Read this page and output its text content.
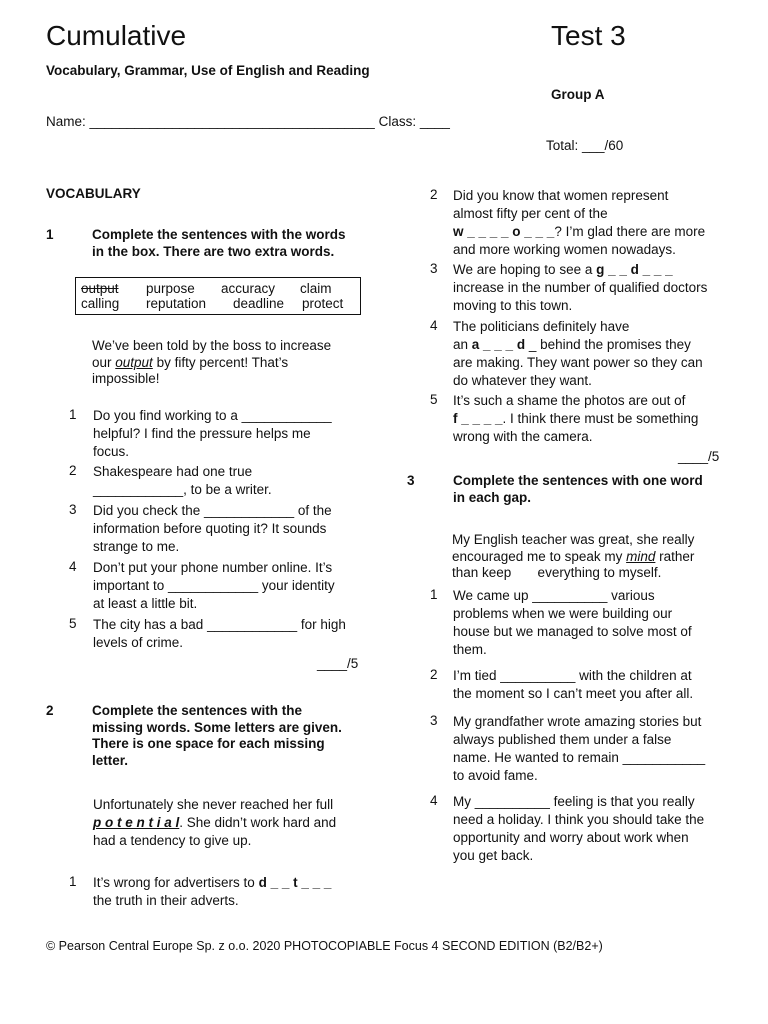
Cumulative	Test 3
Vocabulary, Grammar, Use of English and Reading
Group A
Name: ______________________________________ Class: ____
Total: ___/60
VOCABULARY
1	Complete the sentences with the words
in the box. There are two extra words.
output purpose accuracy claim
calling reputation deadline protect
We’ve been told by the boss to increase
our output by fifty percent! That’s
impossible!
1	Do you find working to a ____________
helpful? I find the pressure helps me
focus.
2	Shakespeare had one true
____________, to be a writer.
3	Did you check the ____________ of the
information before quoting it? It sounds
strange to me.
4	Don’t put your phone number online. It’s
important to ____________ your identity
at least a little bit.
5	The city has a bad ____________ for high
levels of crime.
____/5
2	Complete the sentences with the
missing words. Some letters are given.
There is one space for each missing
letter.
Unfortunately she never reached her full
p o t e n t i a l. She didn’t work hard and
had a tendency to give up.
1	It’s wrong for advertisers to d _ _ t _ _ _
the truth in their adverts.
2	Did you know that women represent
almost fifty per cent of the
w _ _ _ _ o _ _ _? I’m glad there are more
and more working women nowadays.
3	We are hoping to see a g _ _ d _ _ _
increase in the number of qualified doctors
moving to this town.
4	The politicians definitely have
an a _ _ _ d _ behind the promises they
are making. They want power so they can
do whatever they want.
5	It’s such a shame the photos are out of
f _ _ _ _. I think there must be something
wrong with the camera.
____/5
3	Complete the sentences with one word
in each gap.
My English teacher was great, she really
encouraged me to speak my mind rather
than keep       everything to myself.
1	We came up __________ various
problems when we were building our
house but we managed to solve most of
them.
2	I’m tied __________ with the children at
the moment so I can’t meet you after all.
3	My grandfather wrote amazing stories but
always published them under a false
name. He wanted to remain ___________
to avoid fame.
4	My __________ feeling is that you really
need a holiday. I think you should take the
opportunity and worry about work when
you get back.
© Pearson Central Europe Sp. z o.o. 2020 PHOTOCOPIABLE Focus 4 SECOND EDITION (B2/B2+)
